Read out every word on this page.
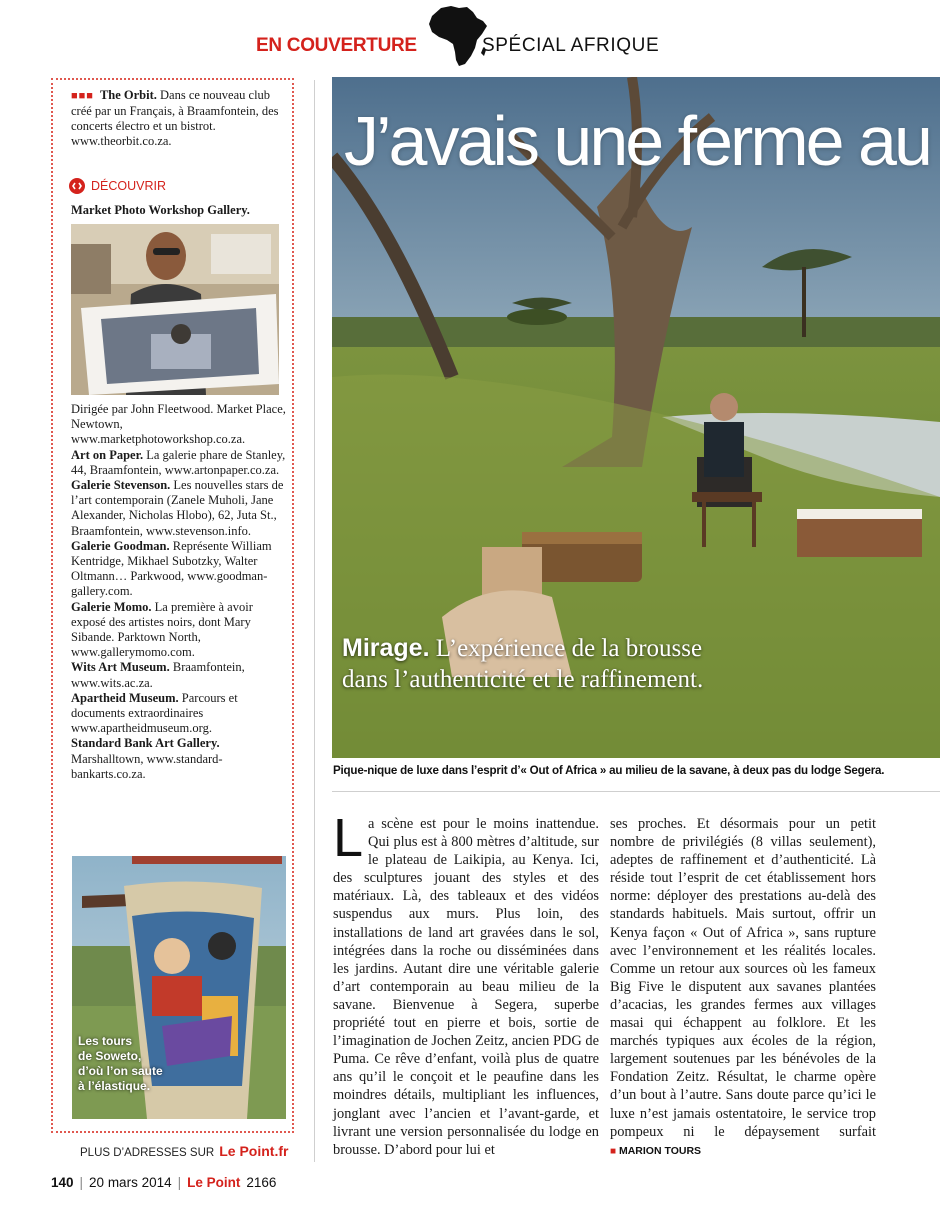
EN COUVERTURE	SPÉCIAL AFRIQUE
■■■ The Orbit. Dans ce nouveau club créé par un Français, à Braamfontein, des concerts électro et un bistrot. www.theorbit.co.za.
DÉCOUVRIR
Market Photo Workshop Gallery.

Dirigée par John Fleetwood. Market Place, Newtown, www.marketphotoworkshop.co.za.

Art on Paper. La galerie phare de Stanley, 44, Braamfontein, www.artonpaper.co.za.

Galerie Stevenson. Les nouvelles stars de l’art contemporain (Zanele Muholi, Jane Alexander, Nicholas Hlobo), 62, Juta St., Braamfontein, www.stevenson.info.

Galerie Goodman. Représente William Kentridge, Mikhael Subotzky, Walter Oltmann… Parkwood, www.goodman-gallery.com.

Galerie Momo. La première à avoir exposé des artistes noirs, dont Mary Sibande. Parktown North, www.gallerymomo.com.

Wits Art Museum. Braamfontein, www.wits.ac.za.

Apartheid Museum. Parcours et documents extraordinaires www.apartheidmuseum.org.

Standard Bank Art Gallery. Marshalltown, www.standard-bankarts.co.za.

Les tours
de Soweto,
d’où l’on saute
à l’élastique.
PLUS D’ADRESSES SUR Le Point.fr
J’avais une ferme au
Mirage. L’expérience de la brousse dans l’authenticité et le raffinement.
Pique-nique de luxe dans l’esprit d’« Out of Africa » au milieu de la savane, à deux pas du lodge Segera.

La scène est pour le moins inattendue. Qui plus est à 800 mètres d’altitude, sur le plateau de Laikipia, au Kenya. Ici, des sculptures jouant des styles et des matériaux. Là, des tableaux et des vidéos suspendus aux murs. Plus loin, des installations de land art gravées dans le sol, intégrées dans la roche ou disséminées dans les jardins. Autant dire une véritable galerie d’art contemporain au beau milieu de la savane. Bienvenue à Segera, superbe propriété tout en pierre et bois, sortie de l’imagination de Jochen Zeitz, ancien PDG de Puma. Ce rêve d’enfant, voilà plus de quatre ans qu’il le conçoit et le peaufine dans les moindres détails, multipliant les influences, jonglant avec l’ancien et l’avant-garde, et livrant une version personnalisée du lodge en brousse. D’abord pour lui et

ses proches. Et désormais pour un petit nombre de privilégiés (8 villas seulement), adeptes de raffinement et d’authenticité. Là réside tout l’esprit de cet établissement hors norme: déployer des prestations au-delà des standards habituels. Mais surtout, offrir un Kenya façon « Out of Africa », sans rupture avec l’environnement et les réalités locales. Comme un retour aux sources où les fameux Big Five le disputent aux savanes plantées d’acacias, les grandes fermes aux villages masai qui échappent au folklore. Et les marchés typiques aux écoles de la région, largement soutenues par les bénévoles de la Fondation Zeitz. Résultat, le charme opère d’un bout à l’autre. Sans doute parce qu’ici le luxe n’est jamais ostentatoire, le service trop pompeux ni le dépaysement surfait ■ MARION TOURS

140 | 20 mars 2014 | Le Point 2166
